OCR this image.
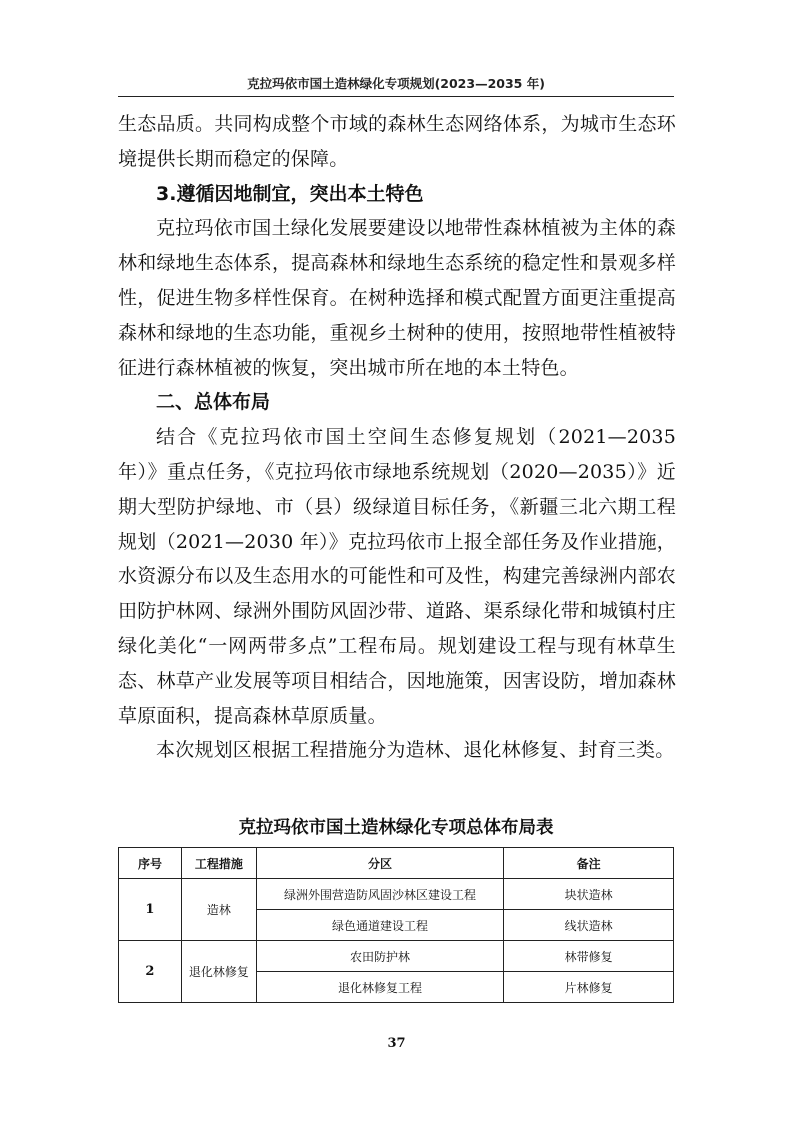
克拉玛依市国土造林绿化专项规划(2023—2035 年)

生态品质。共同构成整个市域的森林生态网络体系，为城市生态环境提供长期而稳定的保障。

3.遵循因地制宜，突出本土特色

克拉玛依市国土绿化发展要建设以地带性森林植被为主体的森林和绿地生态体系，提高森林和绿地生态系统的稳定性和景观多样性，促进生物多样性保育。在树种选择和模式配置方面更注重提高森林和绿地的生态功能，重视乡土树种的使用，按照地带性植被特征进行森林植被的恢复，突出城市所在地的本土特色。

二、总体布局

结合《克拉玛依市国土空间生态修复规划（2021—2035 年）》重点任务，《克拉玛依市绿地系统规划（2020—2035）》近期大型防护绿地、市（县）级绿道目标任务，《新疆三北六期工程规划（2021—2030 年）》克拉玛依市上报全部任务及作业措施，水资源分布以及生态用水的可能性和可及性，构建完善绿洲内部农田防护林网、绿洲外围防风固沙带、道路、渠系绿化带和城镇村庄绿化美化“一网两带多点”工程布局。规划建设工程与现有林草生态、林草产业发展等项目相结合，因地施策，因害设防，增加森林草原面积，提高森林草原质量。

本次规划区根据工程措施分为造林、退化林修复、封育三类。

克拉玛依市国土造林绿化专项总体布局表
序号	工程措施	分区	备注
1	造林	绿洲外围营造防风固沙林区建设工程	块状造林
		绿色通道建设工程	线状造林
2	退化林修复	农田防护林	林带修复
		退化林修复工程	片林修复
37
